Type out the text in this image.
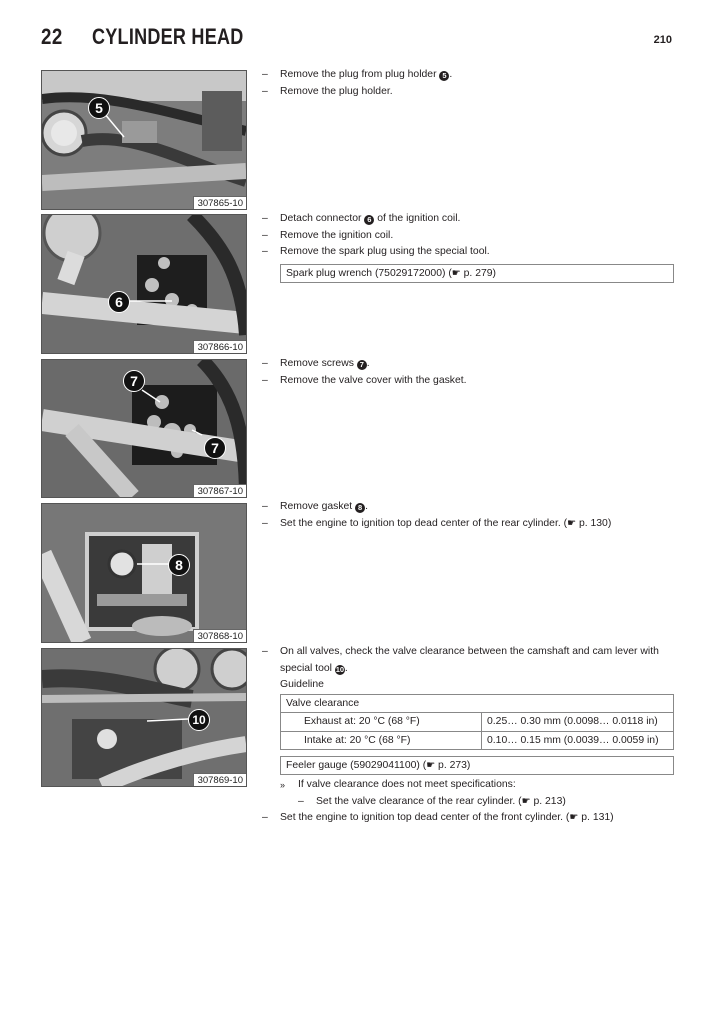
22 CYLINDER HEAD	210
5
307865-10
6
307866-10
7
7
307867-10
8
307868-10
10
307869-10
– Remove the plug from plug holder 5 .
– Remove the plug holder.
– Detach connector 6 of the ignition coil.
– Remove the ignition coil.
– Remove the spark plug using the special tool.
Spark plug wrench (75029172000) (☛ p. 279)
– Remove screws 7 .
– Remove the valve cover with the gasket.
– Remove gasket 8 .
– Set the engine to ignition top dead center of the rear cylinder. (☛ p. 130)
– On all valves, check the valve clearance between the camshaft and cam lever with special tool 10.
Guideline
Valve clearance	
Exhaust at: 20 °C (68 °F)	0.25… 0.30 mm (0.0098… 0.0118 in)
Intake at: 20 °C (68 °F)	0.10… 0.15 mm (0.0039… 0.0059 in)
Feeler gauge (59029041100) (☛ p. 273)
» If valve clearance does not meet specifications:
– Set the valve clearance of the rear cylinder. (☛ p. 213)
– Set the engine to ignition top dead center of the front cylinder. (☛ p. 131)
